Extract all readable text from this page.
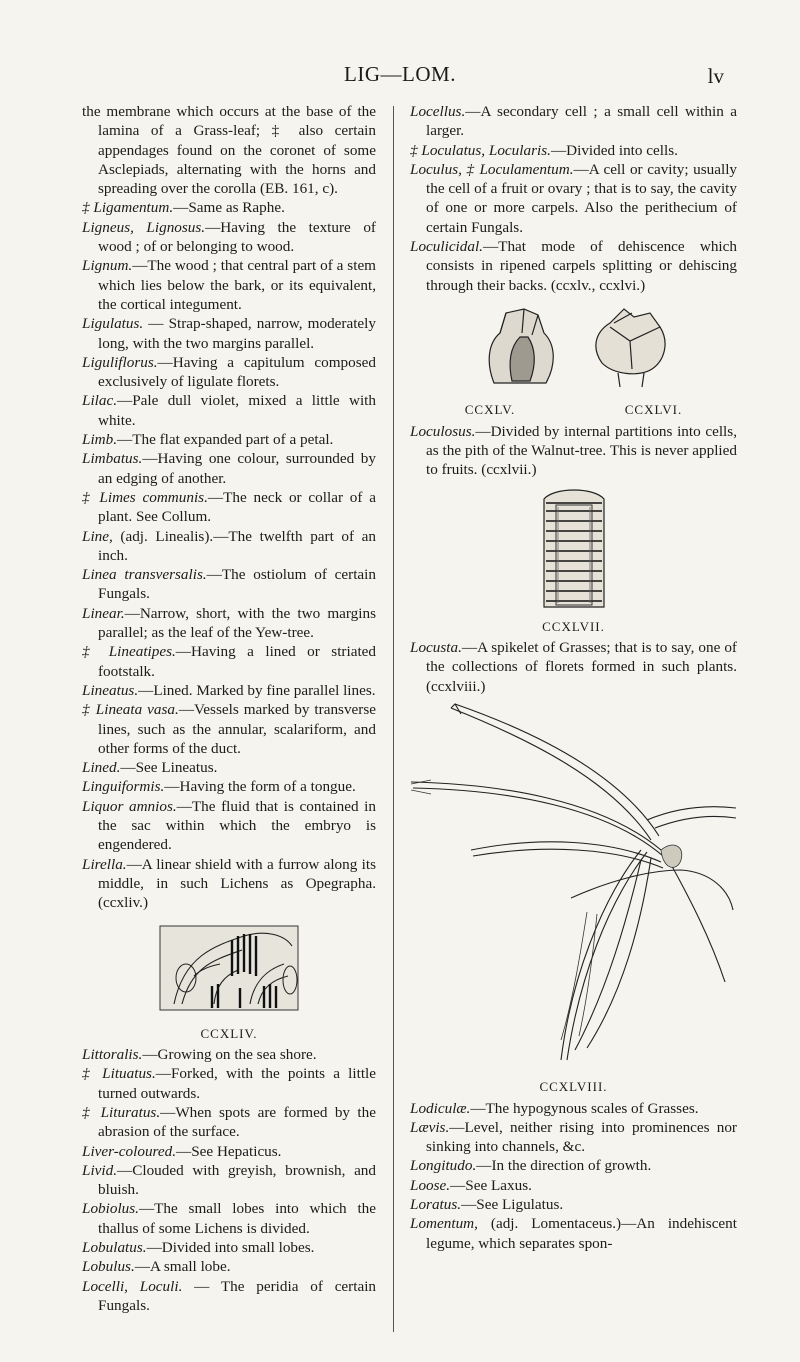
LIG—LOM.	lv

the membrane which occurs at the base of the lamina of a Grass-leaf; ‡ also certain appendages found on the coronet of some Asclepiads, alternating with the horns and spreading over the corolla (EB. 161, c).

‡ Ligamentum.—Same as Raphe.

Ligneus, Lignosus.—Having the texture of wood ; of or belonging to wood.

Lignum.—The wood ; that central part of a stem which lies below the bark, or its equivalent, the cortical integument.

Ligulatus. — Strap-shaped, narrow, moderately long, with the two margins parallel.

Liguliflorus.—Having a capitulum composed exclusively of ligulate florets.

Lilac.—Pale dull violet, mixed a little with white.

Limb.—The flat expanded part of a petal.

Limbatus.—Having one colour, surrounded by an edging of another.

‡ Limes communis.—The neck or collar of a plant. See Collum.

Line, (adj. Linealis).—The twelfth part of an inch.

Linea transversalis.—The ostiolum of certain Fungals.

Linear.—Narrow, short, with the two margins parallel; as the leaf of the Yew-tree.

‡ Lineatipes.—Having a lined or striated footstalk.

Lineatus.—Lined. Marked by fine parallel lines.

‡ Lineata vasa.—Vessels marked by transverse lines, such as the annular, scalariform, and other forms of the duct.

Lined.—See Lineatus.

Linguiformis.—Having the form of a tongue.

Liquor amnios.—The fluid that is contained in the sac within which the embryo is engendered.

Lirella.—A linear shield with a furrow along its middle, in such Lichens as Opegrapha. (ccxliv.)

CCXLIV.

Littoralis.—Growing on the sea shore.

‡ Lituatus.—Forked, with the points a little turned outwards.

‡ Lituratus.—When spots are formed by the abrasion of the surface.

Liver-coloured.—See Hepaticus.

Livid.—Clouded with greyish, brownish, and bluish.

Lobiolus.—The small lobes into which the thallus of some Lichens is divided.

Lobulatus.—Divided into small lobes.

Lobulus.—A small lobe.

Locelli, Loculi. — The peridia of certain Fungals.

Locellus.—A secondary cell ; a small cell within a larger.

‡ Loculatus, Locularis.—Divided into cells.

Loculus, ‡ Loculamentum.—A cell or cavity; usually the cell of a fruit or ovary ; that is to say, the cavity of one or more carpels. Also the perithecium of certain Fungals.

Loculicidal.—That mode of dehiscence which consists in ripened carpels splitting or dehiscing through their backs. (ccxlv., ccxlvi.)

CCXLV.	CCXLVI.

Loculosus.—Divided by internal partitions into cells, as the pith of the Walnut-tree. This is never applied to fruits. (ccxlvii.)

CCXLVII.

Locusta.—A spikelet of Grasses; that is to say, one of the collections of florets formed in such plants. (ccxlviii.)

CCXLVIII.

Lodiculæ.—The hypogynous scales of Grasses.

Lævis.—Level, neither rising into prominences nor sinking into channels, &c.

Longitudo.—In the direction of growth.

Loose.—See Laxus.

Loratus.—See Ligulatus.

Lomentum, (adj. Lomentaceus.)—An indehiscent legume, which separates spon-
